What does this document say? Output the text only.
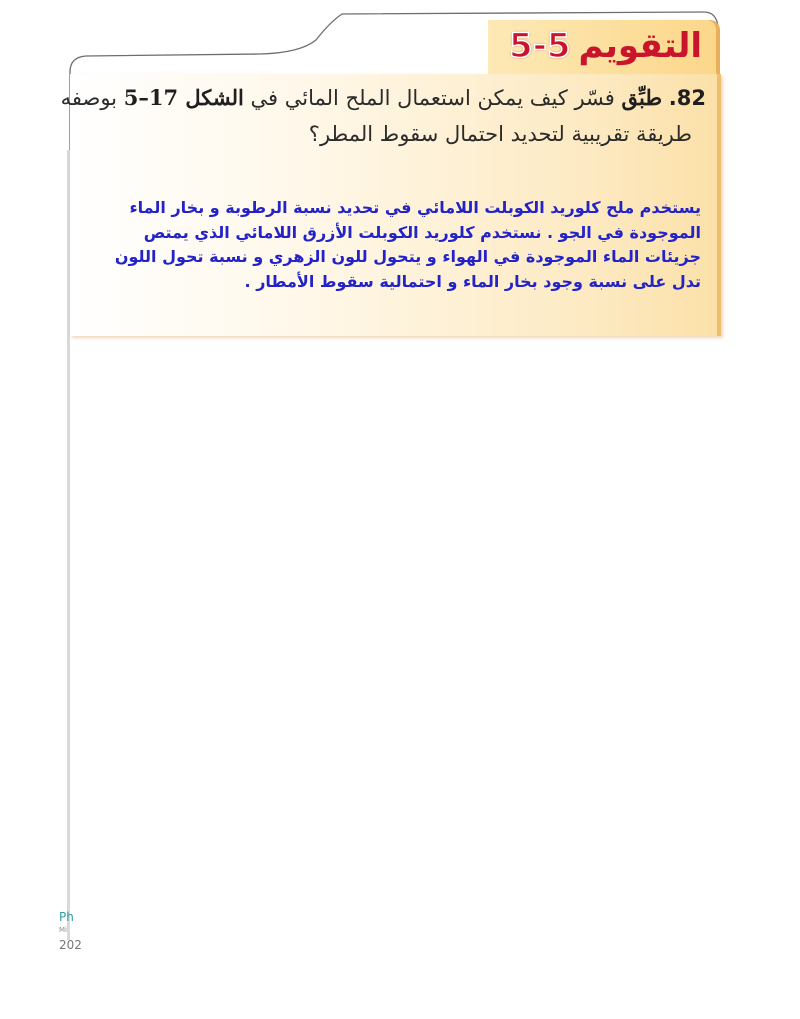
التقويم5-5
82. طبِّق فسّر كيف يمكن استعمال الملح المائي في الشكل 17–5 بوصفه
طريقة تقريبية لتحديد احتمال سقوط المطر؟
يستخدم ملح كلوريد الكوبلت اللامائي في تحديد نسبة الرطوبة و بخار الماء
الموجودة في الجو . نستخدم كلوريد الكوبلت الأزرق اللامائي الذي يمتص
جزيئات الماء الموجودة في الهواء و يتحول للون الزهري و نسبة تحول اللون
تدل على نسبة وجود بخار الماء و احتمالية سقوط الأمطار .
Ph
Mi
202
